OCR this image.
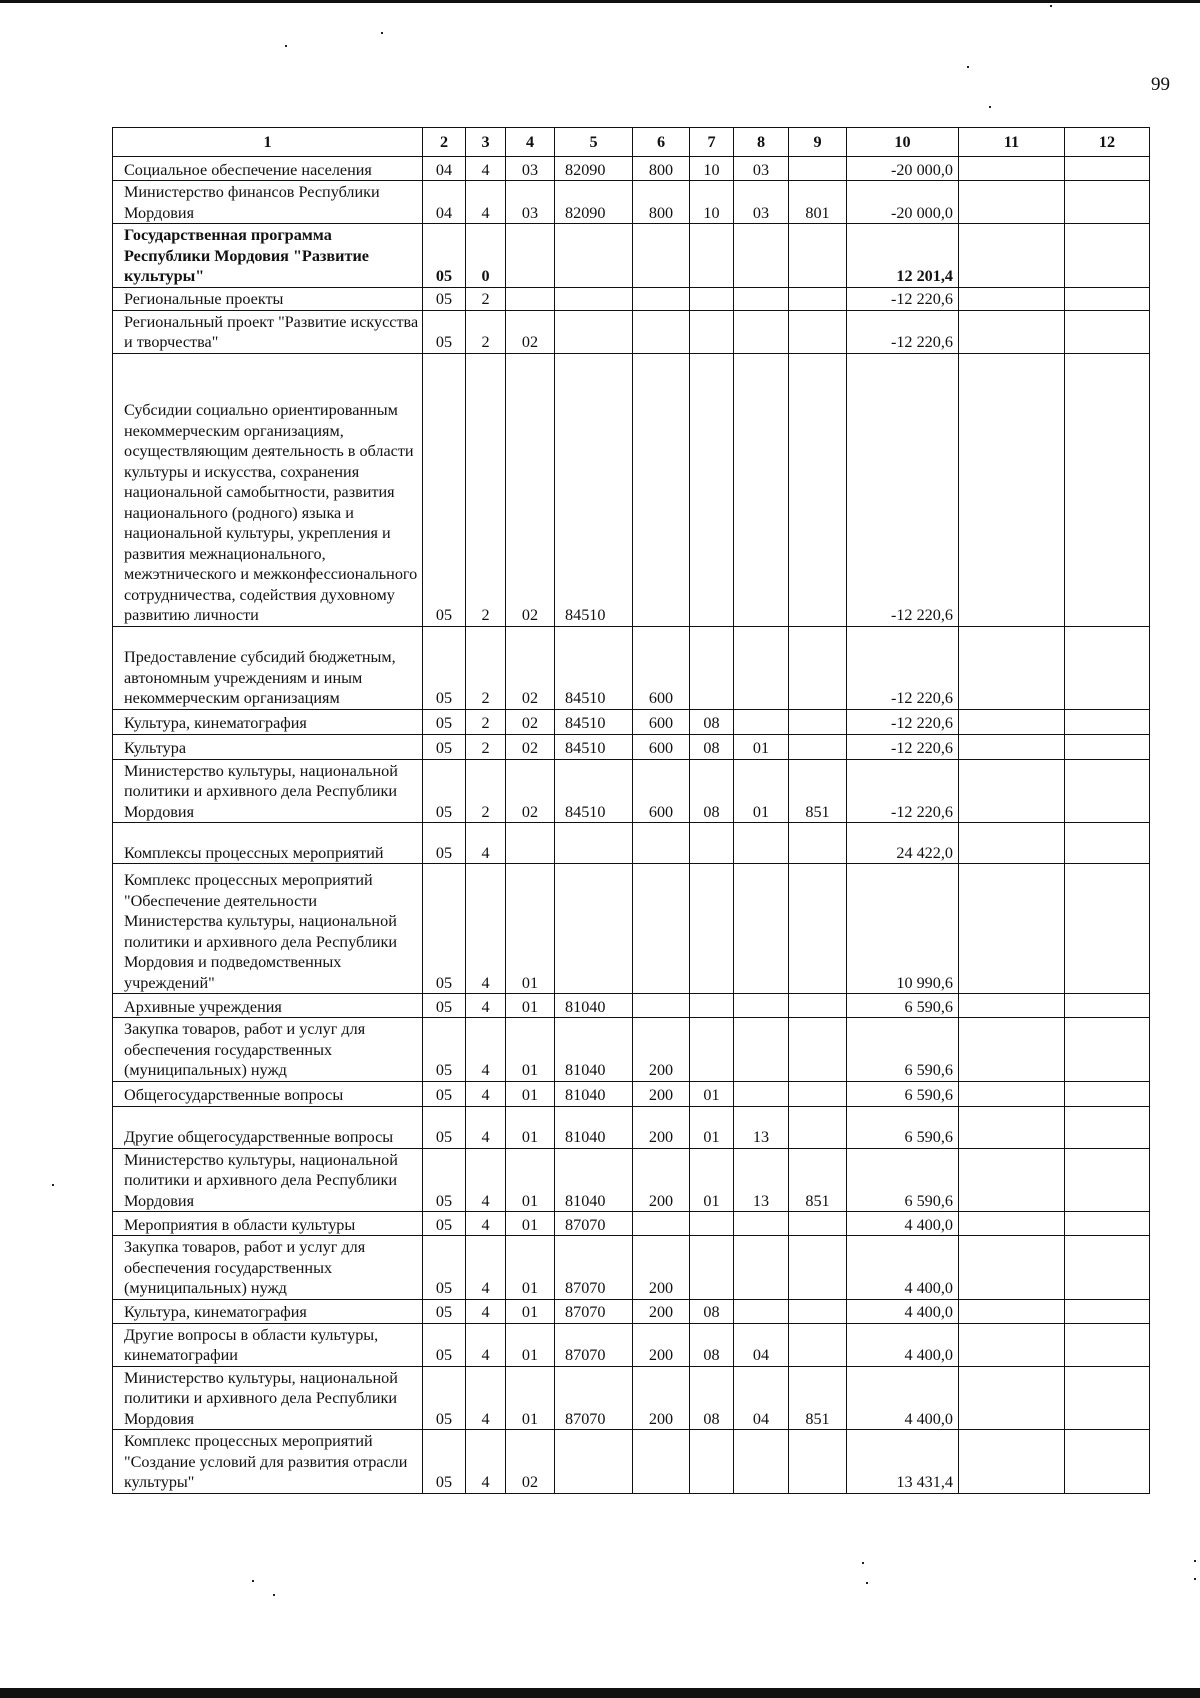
99
1	2	3	4	5	6	7	8	9	10	11	12
Социальное обеспечение населения	04	4	03	82090	800	10	03		-20 000,0		
Министерство финансов Республики Мордовия	04	4	03	82090	800	10	03	801	-20 000,0		
Государственная программа Республики Мордовия "Развитие культуры"	05	0							12 201,4		
Региональные проекты	05	2							-12 220,6		
Региональный проект "Развитие искусства и творчества"	05	2	02						-12 220,6		
Субсидии социально ориентированным некоммерческим организациям, осуществляющим деятельность в области культуры и искусства, сохранения национальной самобытности, развития национального (родного) языка и национальной культуры, укрепления и развития межнационального, межэтнического и межконфессионального сотрудничества, содействия духовному развитию личности	05	2	02	84510					-12 220,6		
Предоставление субсидий бюджетным, автономным учреждениям и иным некоммерческим организациям	05	2	02	84510	600				-12 220,6		
Культура, кинематография	05	2	02	84510	600	08			-12 220,6		
Культура	05	2	02	84510	600	08	01		-12 220,6		
Министерство культуры, национальной политики и архивного дела Республики Мордовия	05	2	02	84510	600	08	01	851	-12 220,6		
Комплексы процессных мероприятий	05	4							24 422,0		
Комплекс процессных мероприятий "Обеспечение деятельности Министерства культуры, национальной политики и архивного дела Республики Мордовия и подведомственных учреждений"	05	4	01						10 990,6		
Архивные учреждения	05	4	01	81040					6 590,6		
Закупка товаров, работ и услуг для обеспечения государственных (муниципальных) нужд	05	4	01	81040	200				6 590,6		
Общегосударственные вопросы	05	4	01	81040	200	01			6 590,6		
Другие общегосударственные вопросы	05	4	01	81040	200	01	13		6 590,6		
Министерство культуры, национальной политики и архивного дела Республики Мордовия	05	4	01	81040	200	01	13	851	6 590,6		
Мероприятия в области культуры	05	4	01	87070					4 400,0		
Закупка товаров, работ и услуг для обеспечения государственных (муниципальных) нужд	05	4	01	87070	200				4 400,0		
Культура, кинематография	05	4	01	87070	200	08			4 400,0		
Другие вопросы в области культуры, кинематографии	05	4	01	87070	200	08	04		4 400,0		
Министерство культуры, национальной политики и архивного дела Республики Мордовия	05	4	01	87070	200	08	04	851	4 400,0		
Комплекс процессных мероприятий "Создание условий для развития отрасли культуры"	05	4	02						13 431,4		
